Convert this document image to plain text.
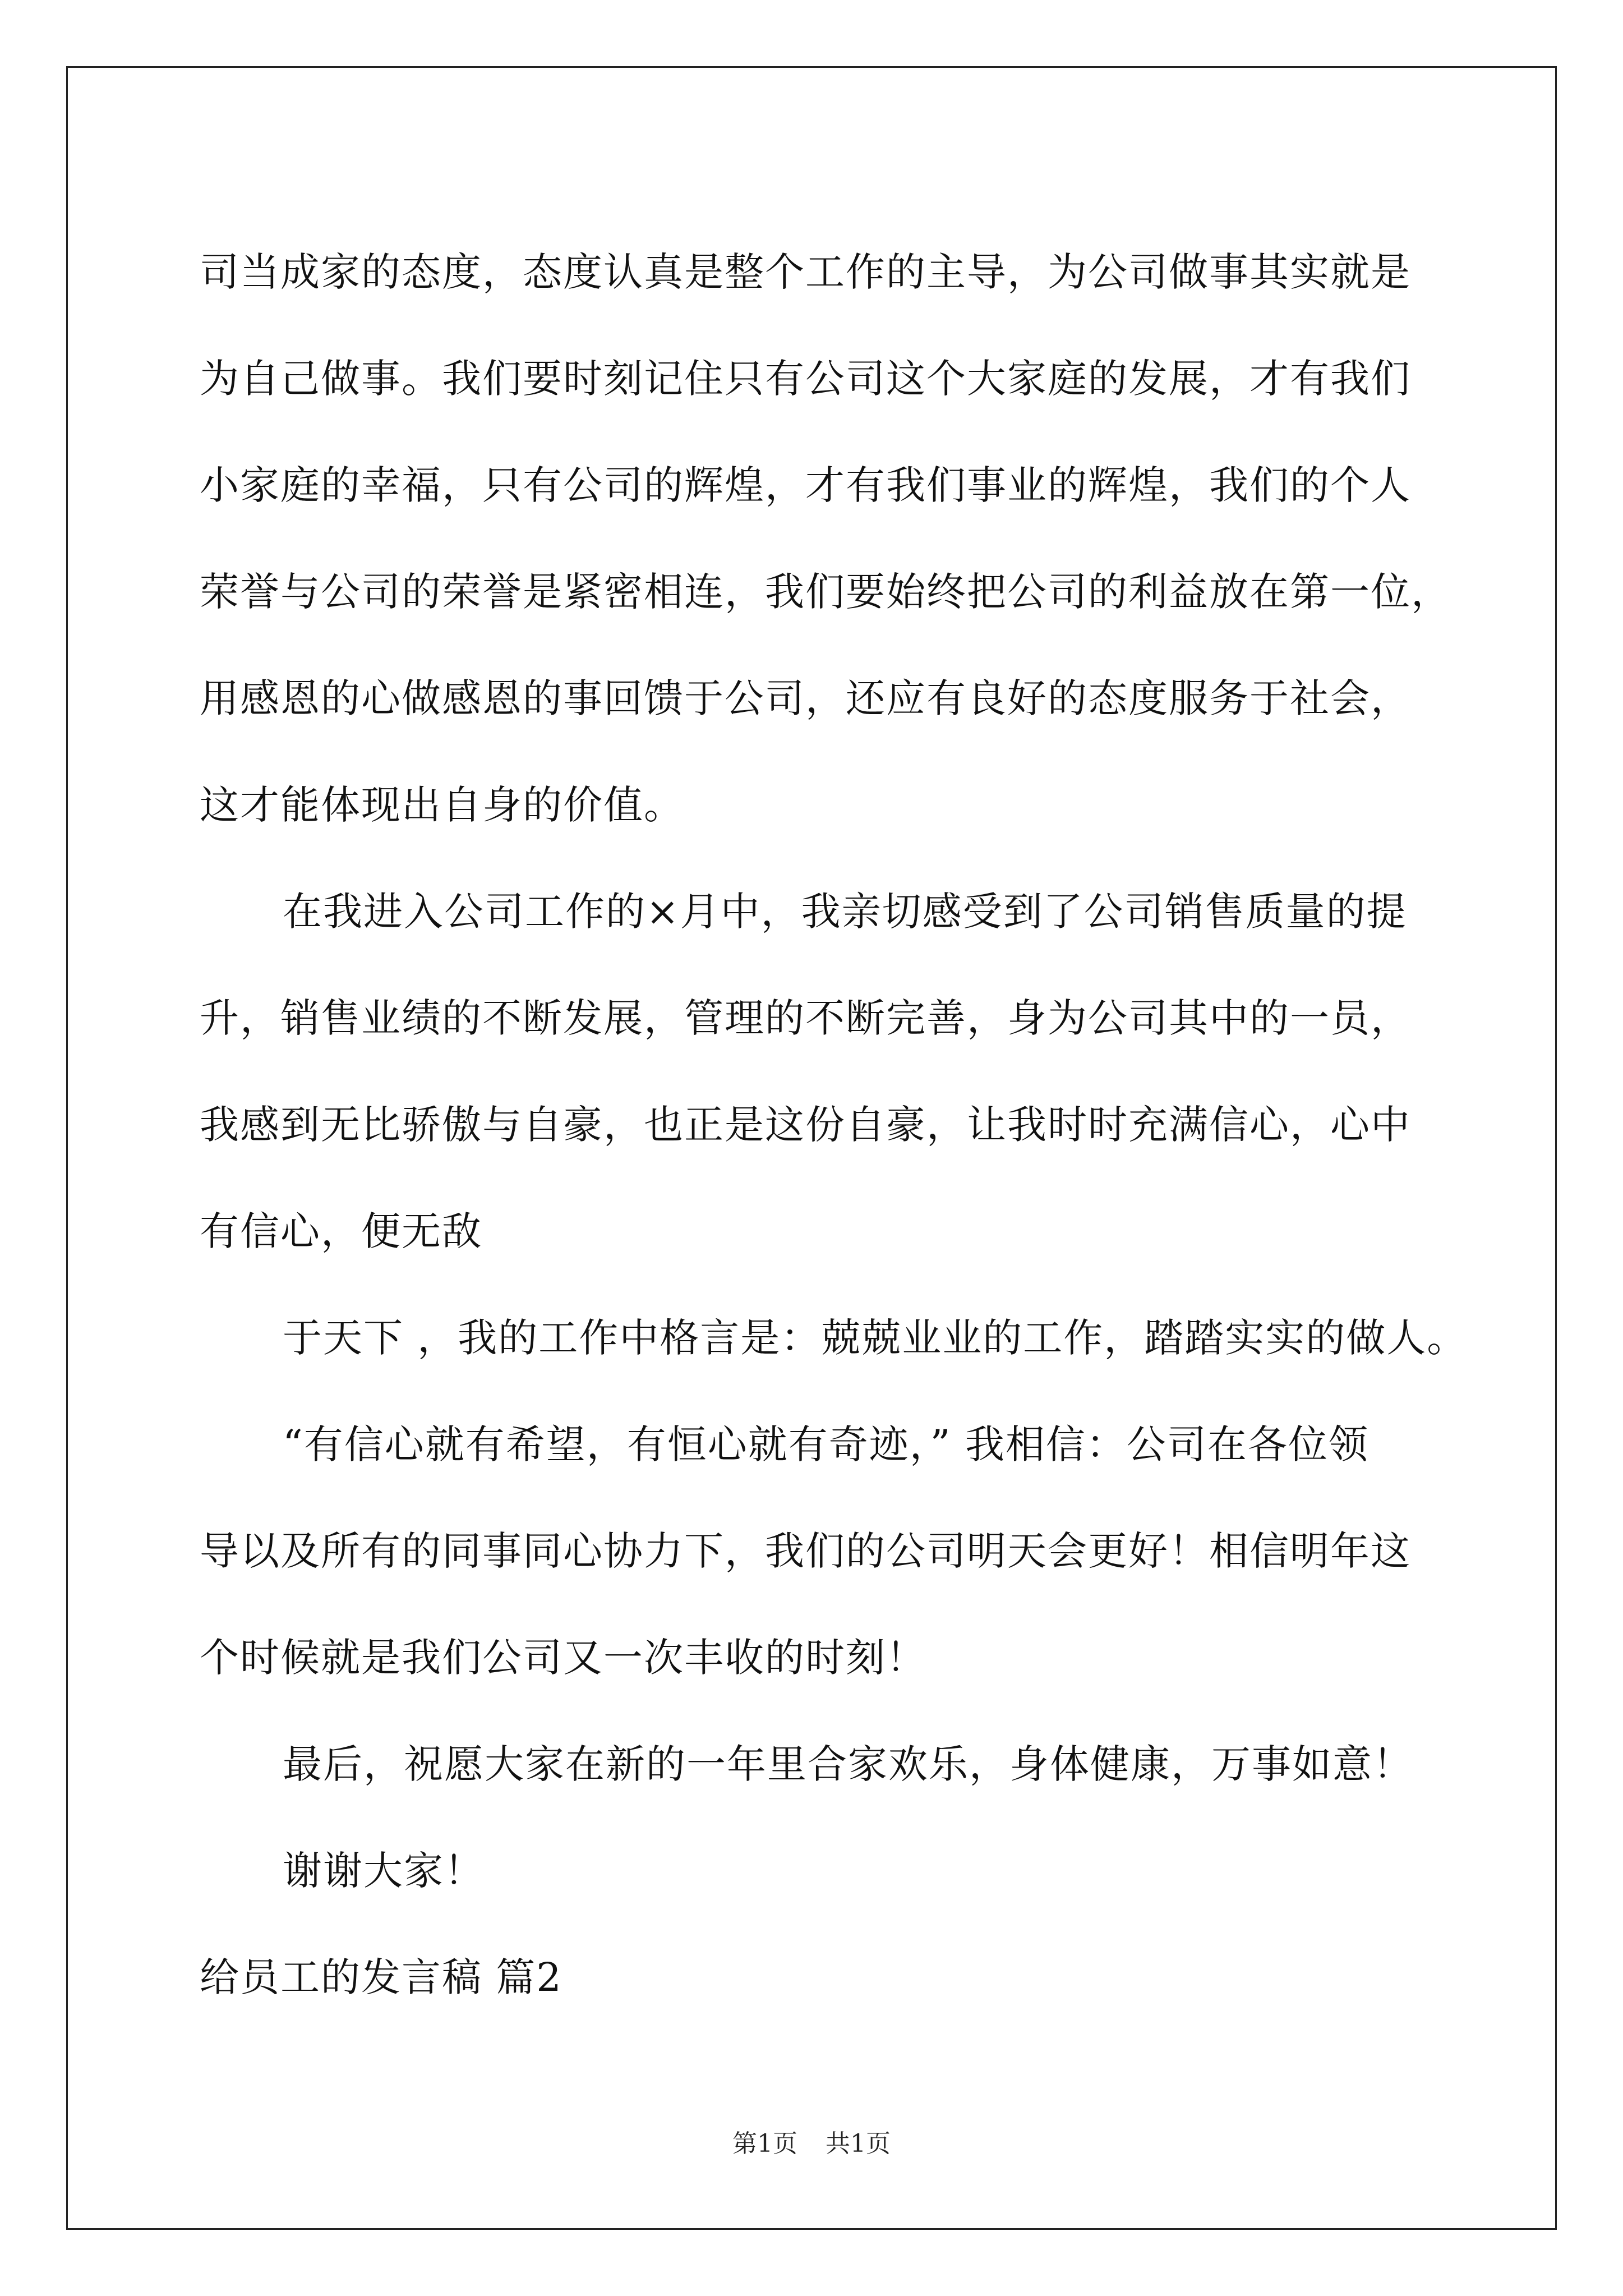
司当成家的态度，态度认真是整个工作的主导，为公司做事其实就是
为自己做事。我们要时刻记住只有公司这个大家庭的发展，才有我们
小家庭的幸福，只有公司的辉煌，才有我们事业的辉煌，我们的个人
荣誉与公司的荣誉是紧密相连，我们要始终把公司的利益放在第一位，
用感恩的心做感恩的事回馈于公司，还应有良好的态度服务于社会，
这才能体现出自身的价值。
在我进入公司工作的×月中，我亲切感受到了公司销售质量的提
升，销售业绩的不断发展，管理的不断完善，身为公司其中的一员，
我感到无比骄傲与自豪，也正是这份自豪，让我时时充满信心，心中
有信心，便无敌
于天下 ，我的工作中格言是：兢兢业业的工作，踏踏实实的做人。
“有信心就有希望，有恒心就有奇迹，” 我相信：公司在各位领
导以及所有的同事同心协力下，我们的公司明天会更好！相信明年这
个时候就是我们公司又一次丰收的时刻！
最后，祝愿大家在新的一年里合家欢乐，身体健康，万事如意！
谢谢大家！
给员工的发言稿 篇2
第1页 共1页
